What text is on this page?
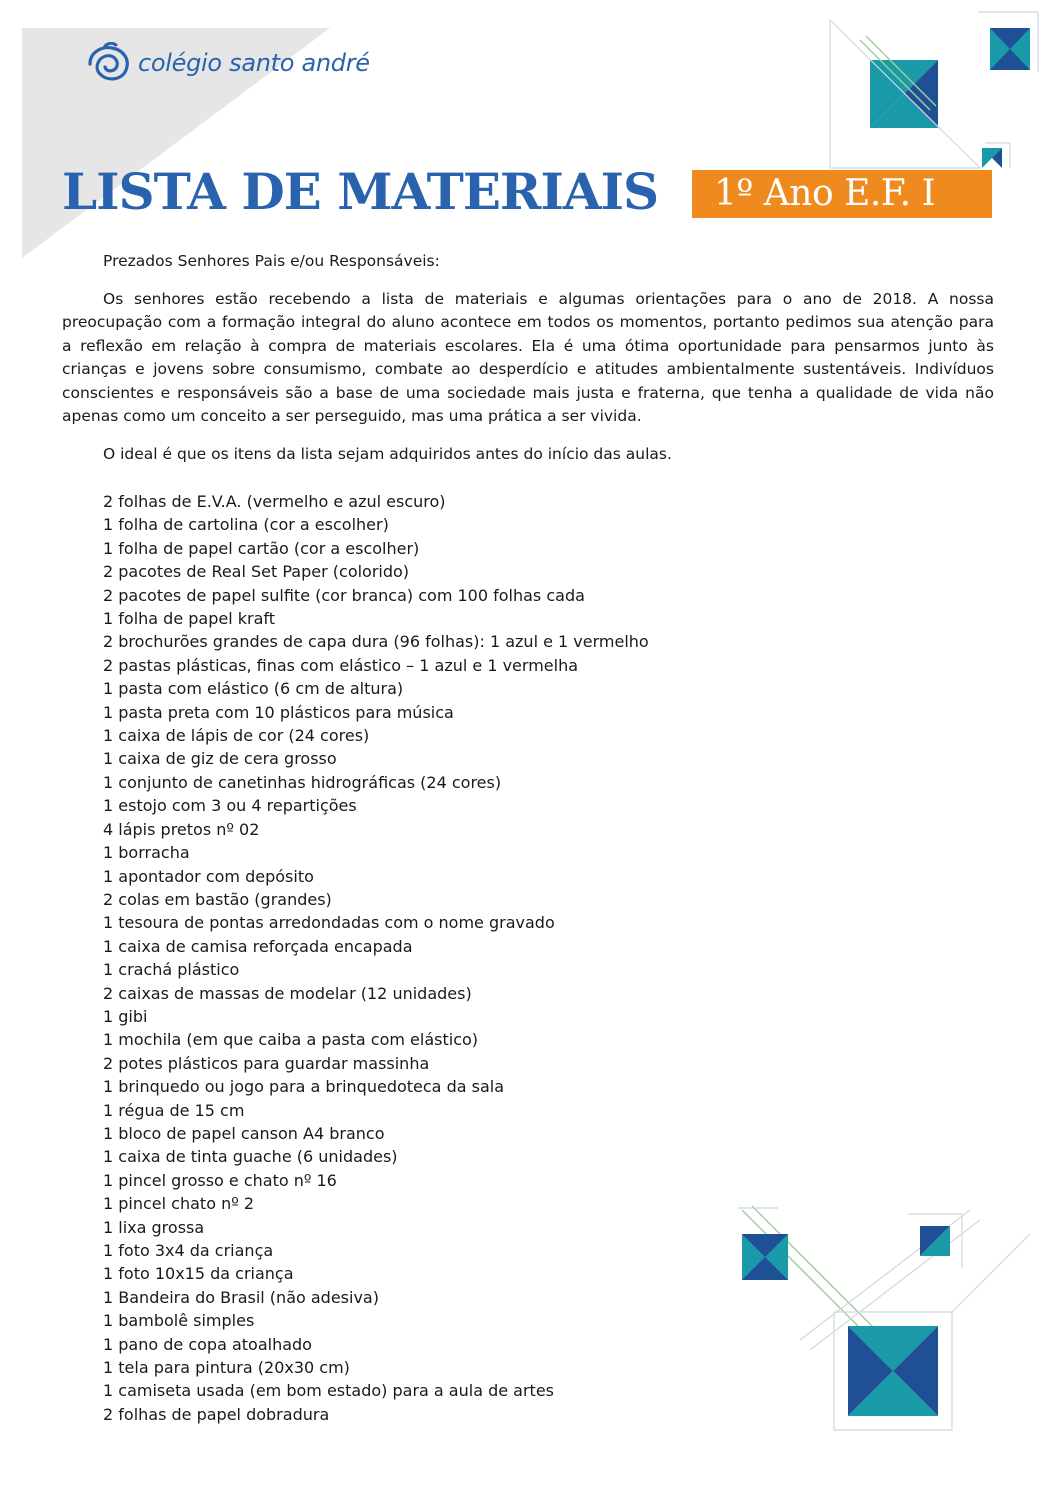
colégio santo andré
LISTA DE MATERIAIS	1º Ano E.F. I

Prezados Senhores Pais e/ou Responsáveis:

Os senhores estão recebendo a lista de materiais e algumas orientações para o ano de 2018. A nossa preocupação com a formação integral do aluno acontece em todos os momentos, portanto pedimos sua atenção para a reflexão em relação à compra de materiais escolares. Ela é uma ótima oportunidade para pensarmos junto às crianças e jovens sobre consumismo, combate ao desperdício e atitudes ambientalmente sustentáveis. Indivíduos conscientes e responsáveis são a base de uma sociedade mais justa e fraterna, que tenha a qualidade de vida não apenas como um conceito a ser perseguido, mas uma prática a ser vivida.

O ideal é que os itens da lista sejam adquiridos antes do início das aulas.

2 folhas de E.V.A. (vermelho e azul escuro)
1 folha de cartolina (cor a escolher)
1 folha de papel cartão (cor a escolher)
2 pacotes de Real Set Paper (colorido)
2 pacotes de papel sulfite (cor branca) com 100 folhas cada
1 folha de papel kraft
2 brochurões grandes de capa dura (96 folhas): 1 azul e 1 vermelho
2 pastas plásticas, finas com elástico – 1 azul e 1 vermelha
1 pasta com elástico (6 cm de altura)
1 pasta preta com 10 plásticos para música
1 caixa de lápis de cor (24 cores)
1 caixa de giz de cera grosso
1 conjunto de canetinhas hidrográficas (24 cores)
1 estojo com 3 ou 4 repartições
4 lápis pretos nº 02
1 borracha
1 apontador com depósito
2 colas em bastão (grandes)
1 tesoura de pontas arredondadas com o nome gravado
1 caixa de camisa reforçada encapada
1 crachá plástico
2 caixas de massas de modelar (12 unidades)
1 gibi
1 mochila (em que caiba a pasta com elástico)
2 potes plásticos para guardar massinha
1 brinquedo ou jogo para a brinquedoteca da sala
1 régua de 15 cm
1 bloco de papel canson A4 branco
1 caixa de tinta guache (6 unidades)
1 pincel grosso e chato nº 16
1 pincel chato nº 2
1 lixa grossa
1 foto 3x4 da criança
1 foto 10x15 da criança
1 Bandeira do Brasil (não adesiva)
1 bambolê simples
1 pano de copa atoalhado
1 tela para pintura (20x30 cm)
1 camiseta usada (em bom estado) para a aula de artes
2 folhas de papel dobradura
